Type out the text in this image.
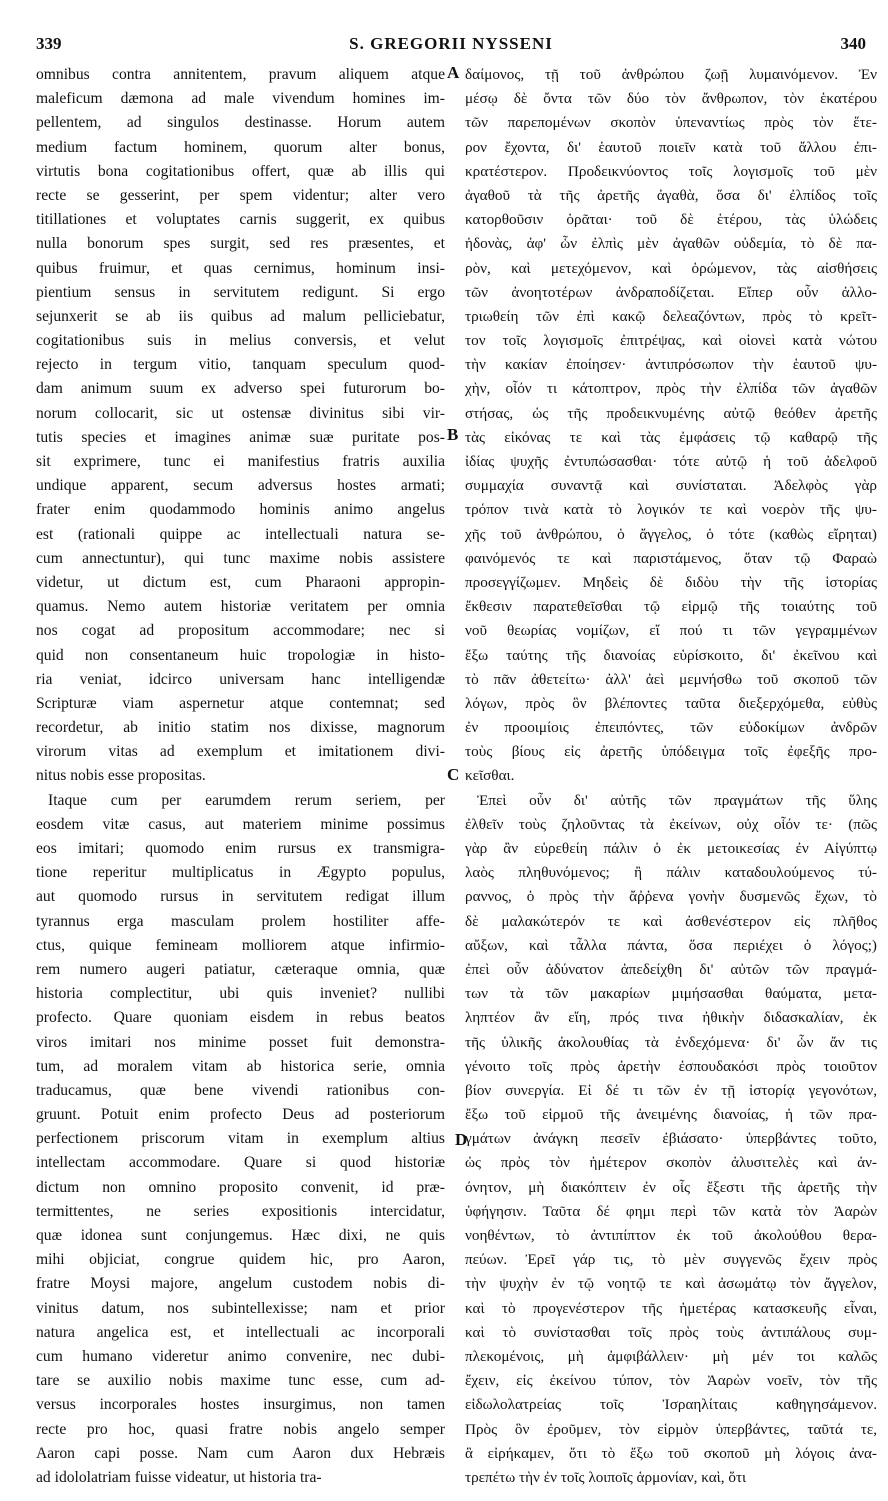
339	S. GREGORII NYSSENI	340
omnibus contra annitentem, pravum aliquem atque
maleficum dæmona ad male vivendum homines im-
pellentem, ad singulos destinasse. Horum autem
medium factum hominem, quorum alter bonus,
virtutis bona cogitationibus offert, quæ ab illis qui
recte se gesserint, per spem videntur; alter vero
titillationes et voluptates carnis suggerit, ex quibus
nulla bonorum spes surgit, sed res præsentes, et
quibus fruimur, et quas cernimus, hominum insi-
pientium sensus in servitutem redigunt. Si ergo
sejunxerit se ab iis quibus ad malum pelliciebatur,
cogitationibus suis in melius conversis, et velut
rejecto in tergum vitio, tanquam speculum quod-
dam animum suum ex adverso spei futurorum bo-
norum collocarit, sic ut ostensæ divinitus sibi vir-
tutis species et imagines animæ suæ puritate pos-
sit exprimere, tunc ei manifestius fratris auxilia
undique apparent, secum adversus hostes armati;
frater enim quodammodo hominis animo angelus
est (rationali quippe ac intellectuali natura se-
cum annectuntur), qui tunc maxime nobis assistere
videtur, ut dictum est, cum Pharaoni appropin-
quamus. Nemo autem historiæ veritatem per omnia
nos cogat ad propositum accommodare; nec si
quid non consentaneum huic tropologiæ in histo-
ria veniat, idcirco universam hanc intelligendæ
Scripturæ viam aspernetur atque contemnat; sed
recordetur, ab initio statim nos dixisse, magnorum
virorum vitas ad exemplum et imitationem divi-
nitus nobis esse propositas.
Itaque cum per earumdem rerum seriem, per
eosdem vitæ casus, aut materiem minime possimus
eos imitari; quomodo enim rursus ex transmigra-
tione reperitur multiplicatus in Ægypto populus,
aut quomodo rursus in servitutem redigat illum
tyrannus erga masculam prolem hostiliter affe-
ctus, quique femineam molliorem atque infirmio-
rem numero augeri patiatur, cæteraque omnia, quæ
historia complectitur, ubi quis inveniet? nullibi
profecto. Quare quoniam eisdem in rebus beatos
viros imitari nos minime posset fuit demonstra-
tum, ad moralem vitam ab historica serie, omnia
traducamus, quæ bene vivendi rationibus con-
gruunt. Potuit enim profecto Deus ad posteriorum
perfectionem priscorum vitam in exemplum altius
intellectam accommodare. Quare si quod historiæ
dictum non omnino proposito convenit, id præ-
termittentes, ne series expositionis intercidatur,
quæ idonea sunt conjungemus. Hæc dixi, ne quis
mihi objiciat, congrue quidem hic, pro Aaron,
fratre Moysi majore, angelum custodem nobis di-
vinitus datum, nos subintellexisse; nam et prior
natura angelica est, et intellectuali ac incorporali
cum humano videretur animo convenire, nec dubi-
tare se auxilio nobis maxime tunc esse, cum ad-
versus incorporales hostes insurgimus, non tamen
recte pro hoc, quasi fratre nobis angelo semper
Aaron capi posse. Nam cum Aaron dux Hebræis
ad idololatriam fuisse videatur, ut historia tra-
δαίμονος, τῇ τοῦ ἀνθρώπου ζωῇ λυμαινόμενον. Ἐν
μέσῳ δὲ ὄντα τῶν δύο τὸν ἄνθρωπον, τὸν ἑκατέρου
τῶν παρεπομένων σκοπὸν ὑπεναντίως πρὸς τὸν ἕτε-
ρον ἔχοντα, δι' ἑαυτοῦ ποιεῖν κατὰ τοῦ ἄλλου ἐπι-
κρατέστερον. Προδεικνύοντος τοῖς λογισμοῖς τοῦ μὲν
ἀγαθοῦ τὰ τῆς ἀρετῆς ἀγαθὰ, ὅσα δι' ἐλπίδος τοῖς
κατορθοῦσιν ὁρᾶται· τοῦ δὲ ἑτέρου, τὰς ὑλώδεις
ἡδονὰς, ἀφ' ὧν ἐλπὶς μὲν ἀγαθῶν οὐδεμία, τὸ δὲ πα-
ρὸν, καὶ μετεχόμενον, καὶ ὁρώμενον, τὰς αἰσθήσεις
τῶν ἀνοητοτέρων ἀνδραποδίζεται. Εἴπερ οὖν ἀλλο-
τριωθείη τῶν ἐπὶ κακῷ δελεαζόντων, πρὸς τὸ κρεῖτ-
τον τοῖς λογισμοῖς ἐπιτρέψας, καὶ οἱονεὶ κατὰ νώτου
τὴν κακίαν ἐποίησεν· ἀντιπρόσωπον τὴν ἑαυτοῦ ψυ-
χὴν, οἷόν τι κάτοπτρον, πρὸς τὴν ἐλπίδα τῶν ἀγαθῶν
στήσας, ὡς τῆς προδεικνυμένης αὐτῷ θεόθεν ἀρετῆς
τὰς εἰκόνας τε καὶ τὰς ἐμφάσεις τῷ καθαρῷ τῆς
ἰδίας ψυχῆς ἐντυπώσασθαι· τότε αὐτῷ ἡ τοῦ ἀδελφοῦ
συμμαχία συναντᾷ καὶ συνίσταται. Ἀδελφὸς γὰρ
τρόπον τινὰ κατὰ τὸ λογικόν τε καὶ νοερὸν τῆς ψυ-
χῆς τοῦ ἀνθρώπου, ὁ ἄγγελος, ὁ τότε (καθὼς εἴρηται)
φαινόμενός τε καὶ παριστάμενος, ὅταν τῷ Φαραὼ
προσεγγίζωμεν. Μηδεὶς δὲ διδὸυ τὴν τῆς ἱστορίας
ἔκθεσιν παρατεθεῖσθαι τῷ εἱρμῷ τῆς τοιαύτης τοῦ
νοῦ θεωρίας νομίζων, εἴ πού τι τῶν γεγραμμένων
ἔξω ταύτης τῆς διανοίας εὑρίσκοιτο, δι' ἐκεῖνου καὶ
τὸ πᾶν ἀθετείτω· ἀλλ' ἀεὶ μεμνήσθω τοῦ σκοποῦ τῶν
λόγων, πρὸς ὃν βλέποντες ταῦτα διεξερχόμεθα, εὐθὺς
ἐν προοιμίοις ἐπειπόντες, τῶν εὐδοκίμων ἀνδρῶν
τοὺς βίους εἰς ἀρετῆς ὑπόδειγμα τοῖς ἐφεξῆς προ-
κεῖσθαι.
Ἐπεὶ οὖν δι' αὐτῆς τῶν πραγμάτων τῆς ὕλης
ἐλθεῖν τοὺς ζηλοῦντας τὰ ἐκείνων, οὐχ οἷόν τε· (πῶς
γὰρ ἂν εὑρεθείη πάλιν ὁ ἐκ μετοικεσίας ἐν Αἰγύπτῳ
λαὸς πληθυνόμενος; ἢ πάλιν καταδουλούμενος τύ-
ραννος, ὁ πρὸς τὴν ἄῤῥενα γονὴν δυσμενῶς ἔχων, τὸ
δὲ μαλακώτερόν τε καὶ ἀσθενέστερον εἰς πλῆθος
αὔξων, καὶ τἆλλα πάντα, ὅσα περιέχει ὁ λόγος;)
ἐπεὶ οὖν ἀδύνατον ἀπεδείχθη δι' αὐτῶν τῶν πραγμά-
των τὰ τῶν μακαρίων μιμήσασθαι θαύματα, μετα-
ληπτέον ἂν εἴη, πρός τινα ἠθικὴν διδασκαλίαν, ἐκ
τῆς ὑλικῆς ἀκολουθίας τὰ ἐνδεχόμενα· δι' ὧν ἄν τις
γένοιτο τοῖς πρὸς ἀρετὴν ἐσπουδακόσι πρὸς τοιοῦτον
βίον συνεργία. Εἰ δέ τι τῶν ἐν τῇ ἱστορίᾳ γεγονότων,
ἔξω τοῦ εἱρμοῦ τῆς ἀνειμένης διανοίας, ἡ τῶν πρα-
γμάτων ἀνάγκη πεσεῖν ἐβιάσατο· ὑπερβάντες τοῦτο,
ὡς πρὸς τὸν ἡμέτερον σκοπὸν ἀλυσιτελὲς καὶ ἀν-
όνητον, μὴ διακόπτειν ἐν οἷς ἔξεστι τῆς ἀρετῆς τὴν
ὑφήγησιν. Ταῦτα δέ φημι περὶ τῶν κατὰ τὸν Ἀαρὼν
νοηθέντων, τὸ ἀντιπίπτον ἐκ τοῦ ἀκολούθου θερα-
πεύων. Ἐρεῖ γάρ τις, τὸ μὲν συγγενῶς ἔχειν πρὸς
τὴν ψυχὴν ἐν τῷ νοητῷ τε καὶ ἀσωμάτῳ τὸν ἄγγελον,
καὶ τὸ προγενέστερον τῆς ἡμετέρας κατασκευῆς εἶναι,
καὶ τὸ συνίστασθαι τοῖς πρὸς τοὺς ἀντιπάλους συμ-
πλεκομένοις, μὴ ἀμφιβάλλειν· μὴ μέν τοι καλῶς
ἔχειν, εἰς ἐκείνου τύπον, τὸν Ἀαρὼν νοεῖν, τὸν τῆς
εἰδωλολατρείας τοῖς Ἰσραηλίταις καθηγησάμενον.
Πρὸς ὃν ἐροῦμεν, τὸν εἱρμὸν ὑπερβάντες, ταῦτά τε,
ἃ εἰρήκαμεν, ὅτι τὸ ἔξω τοῦ σκοποῦ μὴ λόγοις ἀνα-
τρεπέτω τὴν ἐν τοῖς λοιποῖς ἁρμονίαν, καὶ, ὅτι
A
B
C
D
